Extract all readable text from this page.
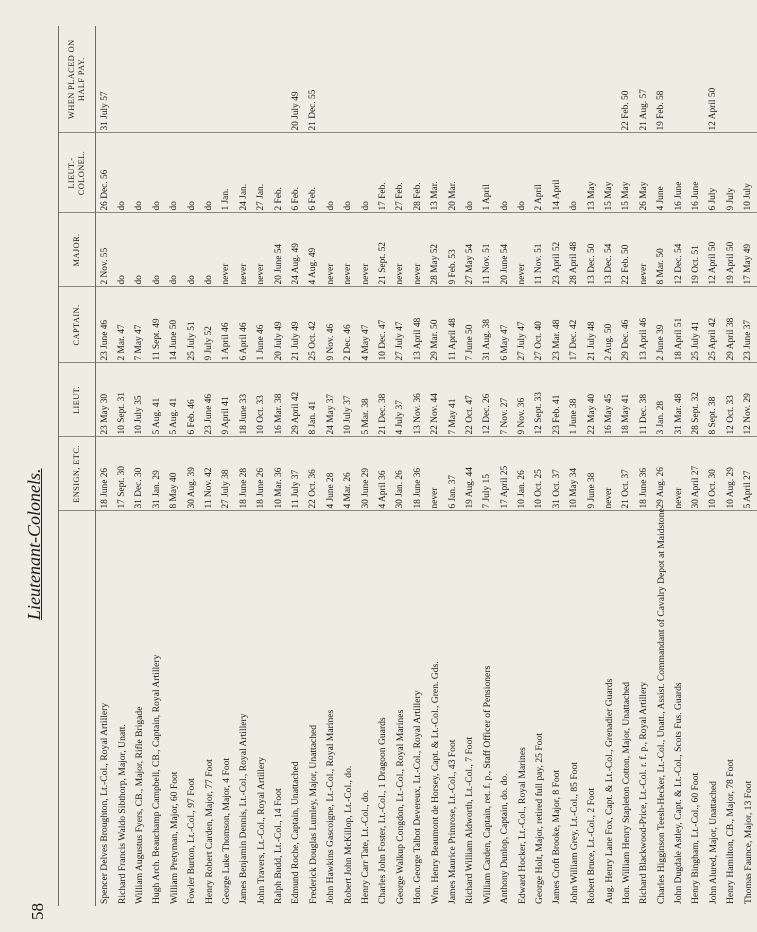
58
Lieutenant-Colonels.
		ENSIGN, ETC.	LIEUT.	CAPTAIN.	MAJOR.	LIEUT.-COLONEL.	WHEN PLACED ON HALF PAY.
Spencer Delves Broughton, Lt.-Col., Royal Artillery	18 June 26	23 May 30	23 June 46	2 Nov. 55	26 Dec. 56	31 July 57
Richard Francis Waldo Sibthorp, Major, Unatt.	17 Sept. 30	10 Sept. 31	2 Mar. 47	do	do	
William Augustus Fyers, CB., Major, Rifle Brigade	31 Dec. 30	10 July 35	7 May 47	do	do	
Hugh Arch. Beauchamp Campbell, CB., Captain, Royal Artillery	31 Jan. 29	5 Aug. 41	11 Sept. 49	do	do	
William Pretyman, Major, 60 Foot	8 May 40	5 Aug. 41	14 June 50	do	do	
Fowler Burton, Lt.-Col., 97 Foot	30 Aug. 39	6 Feb. 46	25 July 51	do	do	
Henry Robert Carden, Major, 77 Foot	11 Nov. 42	23 June 46	9 July 52	do	do	
George Luke Thomson, Major, 4 Foot	27 July 38	9 April 41	1 April 46	never	1 Jan.	
James Benjamin Dennis, Lt.-Col., Royal Artillery	18 June 28	18 June 33	6 April 46	never	24 Jan.	
John Travers, Lt.-Col., Royal Artillery	18 June 26	10 Oct. 33	1 June 46	never	27 Jan.	
Ralph Budd, Lt.-Col., 14 Foot	10 Mar. 36	16 Mar. 38	20 July 49	20 June 54	2 Feb.	
Edmund Roche, Captain, Unattached	11 July 37	29 April 42	21 July 49	24 Aug. 49	6 Feb.	20 July 49
Frederick Douglas Lumley, Major, Unattached	22 Oct. 36	8 Jan. 41	25 Oct. 42	4 Aug. 49	6 Feb.	21 Dec. 55
John Hawkins Gascoigne, Lt.-Col., Royal Marines	4 June 28	24 May 37	9 Nov. 46	never	do	
Robert John McKillop, Lt.-Col., do.	4 Mar. 26	10 July 37	2 Dec. 46	never	do	
Henry Carr Tate, Lt.-Col., do.	30 June 29	5 Mar. 38	4 May 47	never	do	
Charles John Foster, Lt.-Col., 1 Dragoon Guards	4 April 36	21 Dec. 38	10 Dec. 47	21 Sept. 52	17 Feb.	
George Walkup Congdon, Lt.-Col., Royal Marines	30 Jan. 26	4 July 37	27 July 47	never	27 Feb.	
Hon. George Talbot Devereux, Lt.-Col., Royal Artillery	18 June 36	13 Nov. 36	13 April 48	never	28 Feb.	
Wm. Henry Beaumont de Horsey, Capt. & Lt.-Col., Gren. Gds.	never	22 Nov. 44	29 Mar. 50	28 May 52	13 Mar.	
James Maurice Primrose, Lt.-Col., 43 Foot	6 Jan. 37	7 May 41	11 April 48	9 Feb. 53	20 Mar.	
Richard William Aldworth, Lt.-Col., 7 Foot	19 Aug. 44	22 Oct. 47	7 June 50	27 May 54	do	
William Carden, Captain, ret. f. p., Staff Officer of Pensioners	7 July 15	12 Dec. 26	31 Aug. 38	11 Nov. 51	1 April	
Anthony Dunlop, Captain, do. do.	17 April 25	7 Nov. 27	6 May 47	20 June 54	do	
Edward Hocker, Lt.-Col., Royal Marines	10 Jan. 26	9 Nov. 36	27 July 47	never	do	
George Holt, Major, retired full pay, 25 Foot	10 Oct. 25	12 Sept. 33	27 Oct. 40	11 Nov. 51	2 April	
James Croft Brooke, Major, 8 Foot	31 Oct. 37	23 Feb. 41	23 Mar. 48	23 April 52	14 April	
John William Grey, Lt.-Col., 85 Foot	10 May 34	1 June 38	17 Dec. 42	28 April 48	do	
Robert Bruce, Lt.-Col., 2 Foot	9 June 38	22 May 40	21 July 48	13 Dec. 50	13 May	
Aug. Henry Lane Fox, Capt. & Lt.-Col., Grenadier Guards	never	16 May 45	2 Aug. 50	13 Dec. 54	15 May	
Hon. William Henry Stapleton Cotton, Major, Unattached	21 Oct. 37	18 May 41	29 Dec. 46	22 Feb. 50	15 May	22 Feb. 50
Richard Blackwood-Price, Lt.-Col. r. f. p., Royal Artillery	18 June 36	11 Dec. 38	13 April 46	never	26 May	21 Aug. 57
Charles Higginson Teesh-Hecker, Lt.-Col., Unatt., Assist. Commandant of Cavalry Depot at Maidstone	29 Aug. 26	3 Jan. 28	2 June 39	8 Mar. 50	4 June	19 Feb. 58
John Dugdale Astley, Capt. & Lt.-Col., Scots Fus. Guards	never	31 Mar. 48	18 April 51	12 Dec. 54	16 June	
Henry Bingham, Lt.-Col., 60 Foot	30 April 27	28 Sept. 32	25 July 41	19 Oct. 51	16 June	
John Alured, Major, Unattached	10 Oct. 30	8 Sept. 38	25 April 42	12 April 50	6 July	12 April 50
Henry Hamilton, CB., Major, 78 Foot	10 Aug. 29	12 Oct. 33	29 April 38	19 April 50	9 July	
Thomas Faunce, Major, 13 Foot	5 April 27	12 Nov. 29	23 June 37	17 May 49	10 July	
